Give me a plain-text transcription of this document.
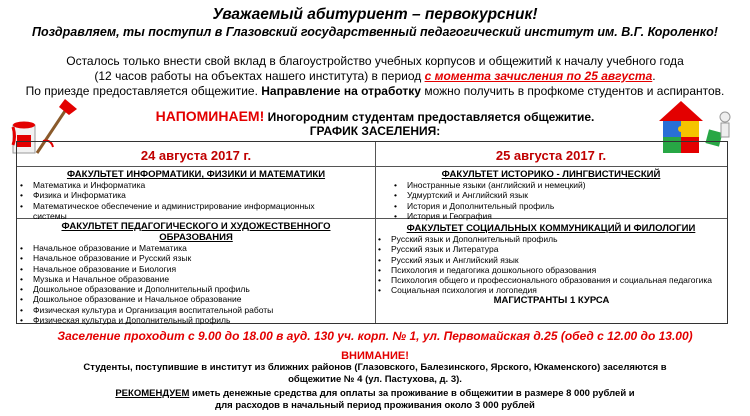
Уважаемый абитуриент – первокурсник!
Поздравляем, ты поступил в Глазовский государственный педагогический институт им. В.Г. Короленко!
Осталось только внести свой вклад в благоустройство учебных корпусов и общежитий к началу учебного года
(12 часов работы на объектах нашего института) в период с момента зачисления по 25 августа.
По приезде предоставляется общежитие. Направление на отработку можно получить в профкоме студентов и аспирантов.
НАПОМИНАЕМ! Иногородним студентам предоставляется общежитие.
ГРАФИК ЗАСЕЛЕНИЯ:
24 августа 2017 г.	25 августа 2017 г.
ФАКУЛЬТЕТ ИНФОРМАТИКИ, ФИЗИКИ И МАТЕМАТИКИ
• Математика и Информатика
• Физика и Информатика
• Математическое обеспечение и администрирование информационных системы
ФАКУЛЬТЕТ ПЕДАГОГИЧЕСКОГО И ХУДОЖЕСТВЕННОГО
ОБРАЗОВАНИЯ
• Начальное образование и Математика
• Начальное образование и Русский язык
• Начальное образование и Биология
• Музыка и Начальное образование
• Дошкольное образование и Дополнительный профиль
• Дошкольное образование и Начальное образование
• Физическая культура и Организация воспитательной работы
• Физическая культура и Дополнительный профиль
ФАКУЛЬТЕТ ИСТОРИКО - ЛИНГВИСТИЧЕСКИЙ
• Иностранные языки (английский и немецкий)
• Удмуртский и Английский язык
• История и Дополнительный профиль
• История и География
ФАКУЛЬТЕТ СОЦИАЛЬНЫХ КОММУНИКАЦИЙ И ФИЛОЛОГИИ
• Русский язык и Дополнительный профиль
• Русский язык и Литература
• Русский язык и Английский язык
• Психология и педагогика дошкольного образования
• Психология общего и профессионального образования и социальная педагогика
• Социальная психология и логопедия
МАГИСТРАНТЫ 1 КУРСА
Заселение проходит с 9.00 до 18.00 в ауд. 130 уч. корп. № 1, ул. Первомайская д.25 (обед с 12.00 до 13.00)
ВНИМАНИЕ!
Студенты, поступившие в институт из ближних районов (Глазовского, Балезинского, Ярского, Юкаменского) заселяются в
общежитие № 4 (ул. Пастухова, д. 3).
РЕКОМЕНДУЕМ иметь денежные средства для оплаты за проживание в общежитии в размере 8 000 рублей и
для расходов в начальный период проживания около 3 000 рублей
